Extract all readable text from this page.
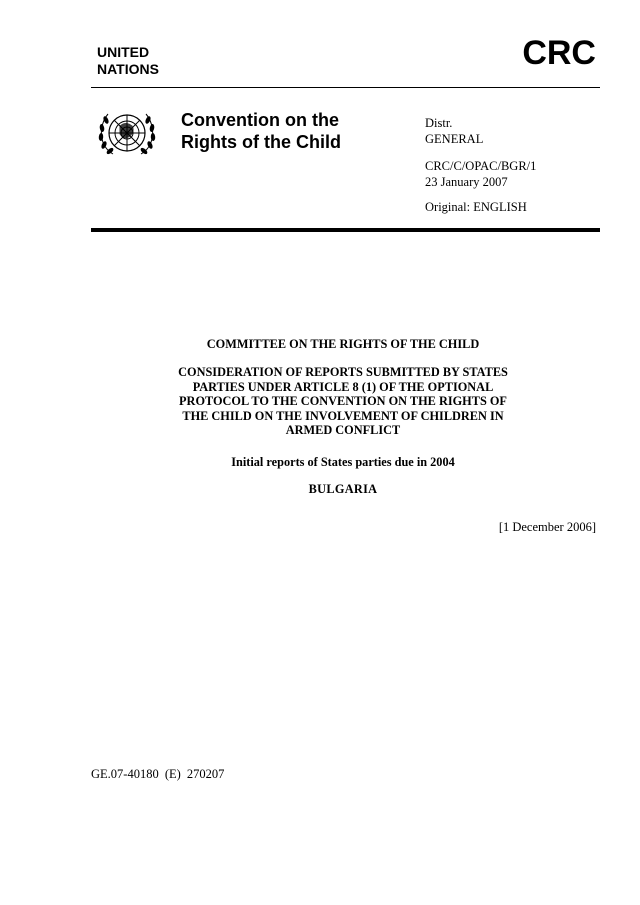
UNITED
NATIONS	CRC
Convention on the
Rights of the Child
Distr.
GENERAL
CRC/C/OPAC/BGR/1
23 January 2007
Original: ENGLISH
COMMITTEE ON THE RIGHTS OF THE CHILD
CONSIDERATION OF REPORTS SUBMITTED BY STATES
PARTIES UNDER ARTICLE 8 (1) OF THE OPTIONAL
PROTOCOL TO THE CONVENTION ON THE RIGHTS OF
THE CHILD ON THE INVOLVEMENT OF CHILDREN IN
ARMED CONFLICT
Initial reports of States parties due in 2004
BULGARIA
[1 December 2006]
GE.07-40180 (E) 270207
